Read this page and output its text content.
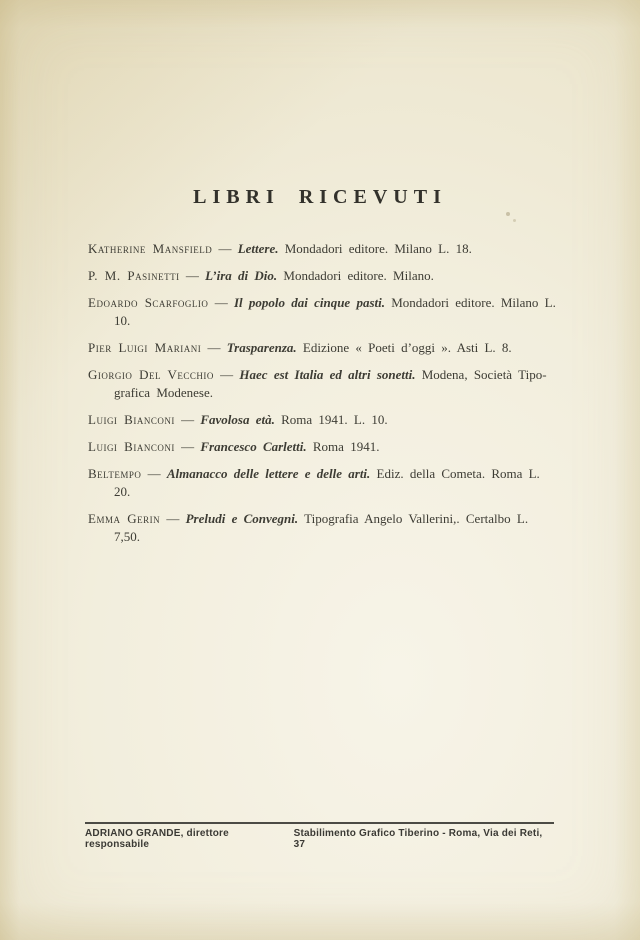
LIBRI RICEVUTI

Katherine Mansfield — Lettere. Mondadori editore. Milano L. 18.

P. M. Pasinetti — L’ira di Dio. Mondadori editore. Milano.

Edoardo Scarfoglio — Il popolo dai cinque pasti. Mondadori editore. Milano L. 10.

Pier Luigi Mariani — Trasparenza. Edizione « Poeti d’oggi ». Asti L. 8.

Giorgio Del Vecchio — Haec est Italia ed altri sonetti. Modena, Società Tipo-
grafica Modenese.

Luigi Bianconi — Favolosa età. Roma 1941. L. 10.

Luigi Bianconi — Francesco Carletti. Roma 1941.

Beltempo — Almanacco delle lettere e delle arti. Ediz. della Cometa. Roma L. 20.

Emma Gerin — Preludi e Convegni. Tipografia Angelo Vallerini,. Certalbo L. 7,50.

ADRIANO GRANDE, direttore responsabile
Stabilimento Grafico Tiberino - Roma, Via dei Reti, 37
